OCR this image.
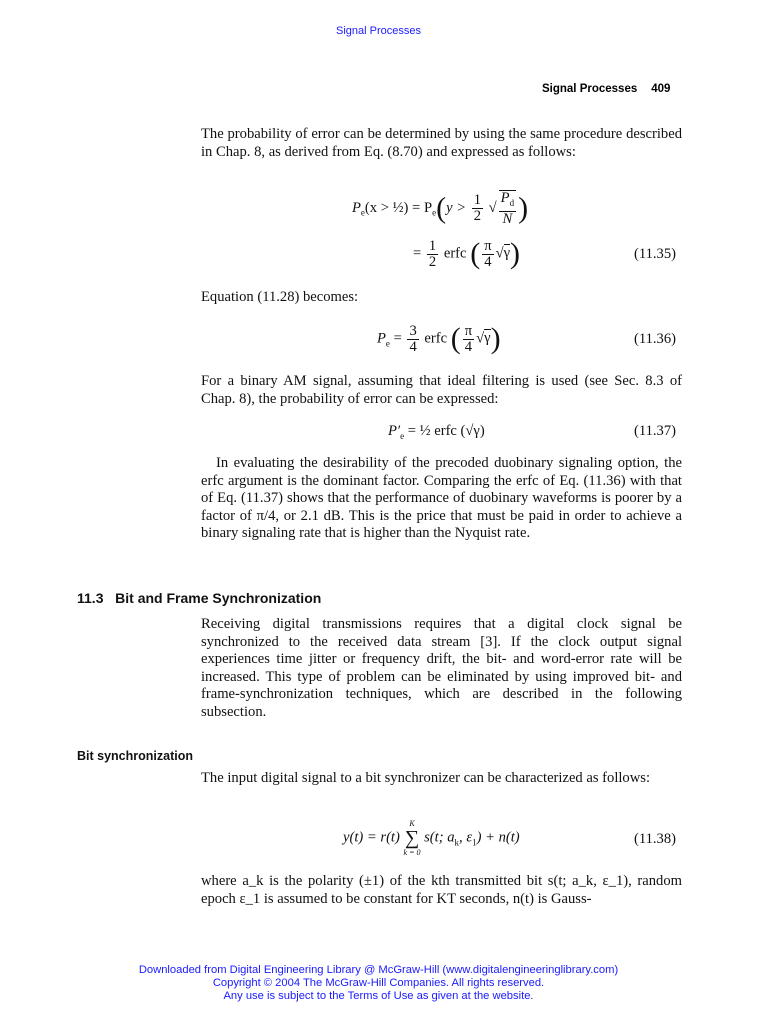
Signal Processes
Signal Processes 409

The probability of error can be determined by using the same procedure described in Chap. 8, as derived from Eq. (8.70) and expressed as follows:

$P_e(x$ > ½) = $P_e(y > \frac{1}{2}$ √ $\frac{P_d}{N}$ )
= $\frac{1}{2}$ erfc ( $\frac{\pi}{4} √\gamma$)	(11.35)

Equation (11.28) becomes:

$P_e = \frac{3}{4}$ erfc ( $\frac{\pi}{4} √\gamma$)	(11.36)

For a binary AM signal, assuming that ideal filtering is used (see Sec. 8.3 of Chap. 8), the probability of error can be expressed:

$P'_e$ = ½ erfc (√γ)	(11.37)

In evaluating the desirability of the precoded duobinary signaling option, the erfc argument is the dominant factor. Comparing the erfc of Eq. (11.36) with that of Eq. (11.37) shows that the performance of duobinary waveforms is poorer by a factor of π/4, or 2.1 dB. This is the price that must be paid in order to achieve a binary signaling rate that is higher than the Nyquist rate.

11.3 Bit and Frame Synchronization

Receiving digital transmissions requires that a digital clock signal be synchronized to the received data stream [3]. If the clock output signal experiences time jitter or frequency drift, the bit- and word-error rate will be increased. This type of problem can be eliminated by using improved bit- and frame-synchronization techniques, which are described in the following subsection.

Bit synchronization

The input digital signal to a bit synchronizer can be characterized as follows:

y(t) = r(t)
K
∑
k = 0
s(t; $a_k$, $\varepsilon_1) + n(t)$	(11.38)

where a_k is the polarity (±1) of the kth transmitted bit s(t; a_k, ε_1), random epoch ε_1 is assumed to be constant for KT seconds, n(t) is Gauss-

Downloaded from Digital Engineering Library @ McGraw-Hill (www.digitalengineeringlibrary.com)
Copyright © 2004 The McGraw-Hill Companies. All rights reserved.
Any use is subject to the Terms of Use as given at the website.
